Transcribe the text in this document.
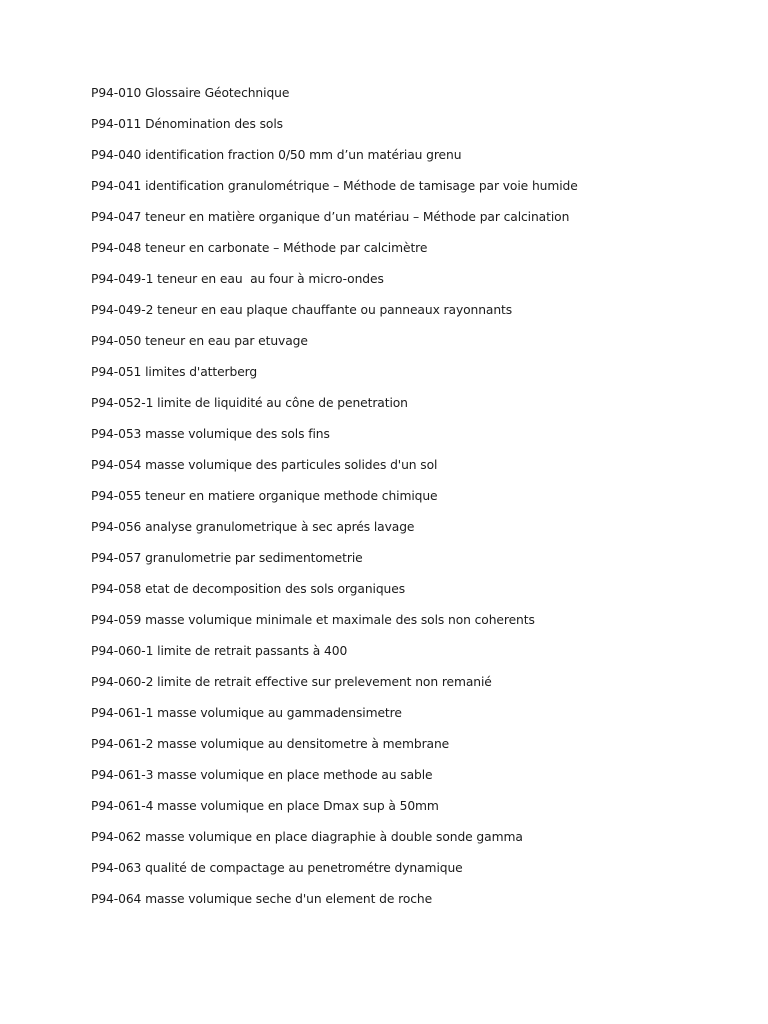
P94-010 Glossaire Géotechnique
P94-011 Dénomination des sols
P94-040 identification fraction 0/50 mm d’un matériau grenu
P94-041 identification granulométrique – Méthode de tamisage par voie humide
P94-047 teneur en matière organique d’un matériau – Méthode par calcination
P94-048 teneur en carbonate – Méthode par calcimètre
P94-049-1 teneur en eau  au four à micro-ondes
P94-049-2 teneur en eau plaque chauffante ou panneaux rayonnants
P94-050 teneur en eau par etuvage
P94-051 limites d'atterberg
P94-052-1 limite de liquidité au cône de penetration
P94-053 masse volumique des sols fins
P94-054 masse volumique des particules solides d'un sol
P94-055 teneur en matiere organique methode chimique
P94-056 analyse granulometrique à sec aprés lavage
P94-057 granulometrie par sedimentometrie
P94-058 etat de decomposition des sols organiques
P94-059 masse volumique minimale et maximale des sols non coherents
P94-060-1 limite de retrait passants à 400
P94-060-2 limite de retrait effective sur prelevement non remanié
P94-061-1 masse volumique au gammadensimetre
P94-061-2 masse volumique au densitometre à membrane
P94-061-3 masse volumique en place methode au sable
P94-061-4 masse volumique en place Dmax sup à 50mm
P94-062 masse volumique en place diagraphie à double sonde gamma
P94-063 qualité de compactage au penetrométre dynamique
P94-064 masse volumique seche d'un element de roche
